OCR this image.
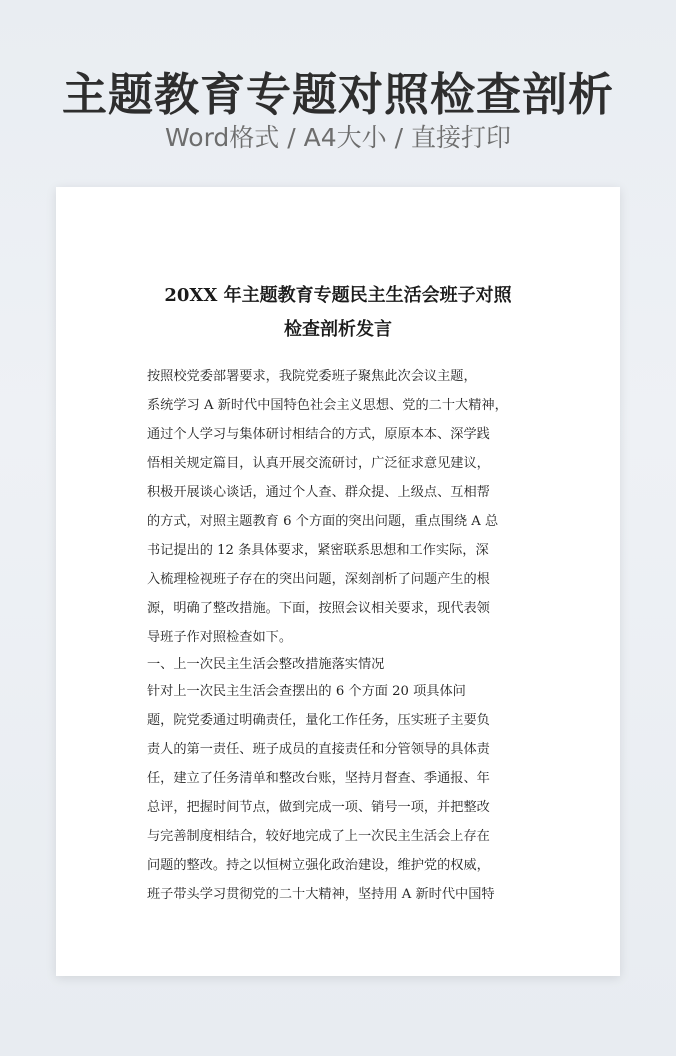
主题教育专题对照检查剖析
Word格式 / A4大小 / 直接打印
20XX 年主题教育专题民主生活会班子对照
检查剖析发言
按照校党委部署要求，我院党委班子聚焦此次会议主题，
系统学习 A 新时代中国特色社会主义思想、党的二十大精神，
通过个人学习与集体研讨相结合的方式，原原本本、深学践
悟相关规定篇目，认真开展交流研讨，广泛征求意见建议，
积极开展谈心谈话，通过个人查、群众提、上级点、互相帮
的方式，对照主题教育 6 个方面的突出问题，重点围绕 A 总
书记提出的 12 条具体要求，紧密联系思想和工作实际，深
入梳理检视班子存在的突出问题，深刻剖析了问题产生的根
源，明确了整改措施。下面，按照会议相关要求，现代表领
导班子作对照检查如下。
一、上一次民主生活会整改措施落实情况
针对上一次民主生活会查摆出的 6 个方面 20 项具体问
题，院党委通过明确责任，量化工作任务，压实班子主要负
责人的第一责任、班子成员的直接责任和分管领导的具体责
任，建立了任务清单和整改台账，坚持月督查、季通报、年
总评，把握时间节点，做到完成一项、销号一项，并把整改
与完善制度相结合，较好地完成了上一次民主生活会上存在
问题的整改。持之以恒树立强化政治建设，维护党的权威，
班子带头学习贯彻党的二十大精神，坚持用 A 新时代中国特
